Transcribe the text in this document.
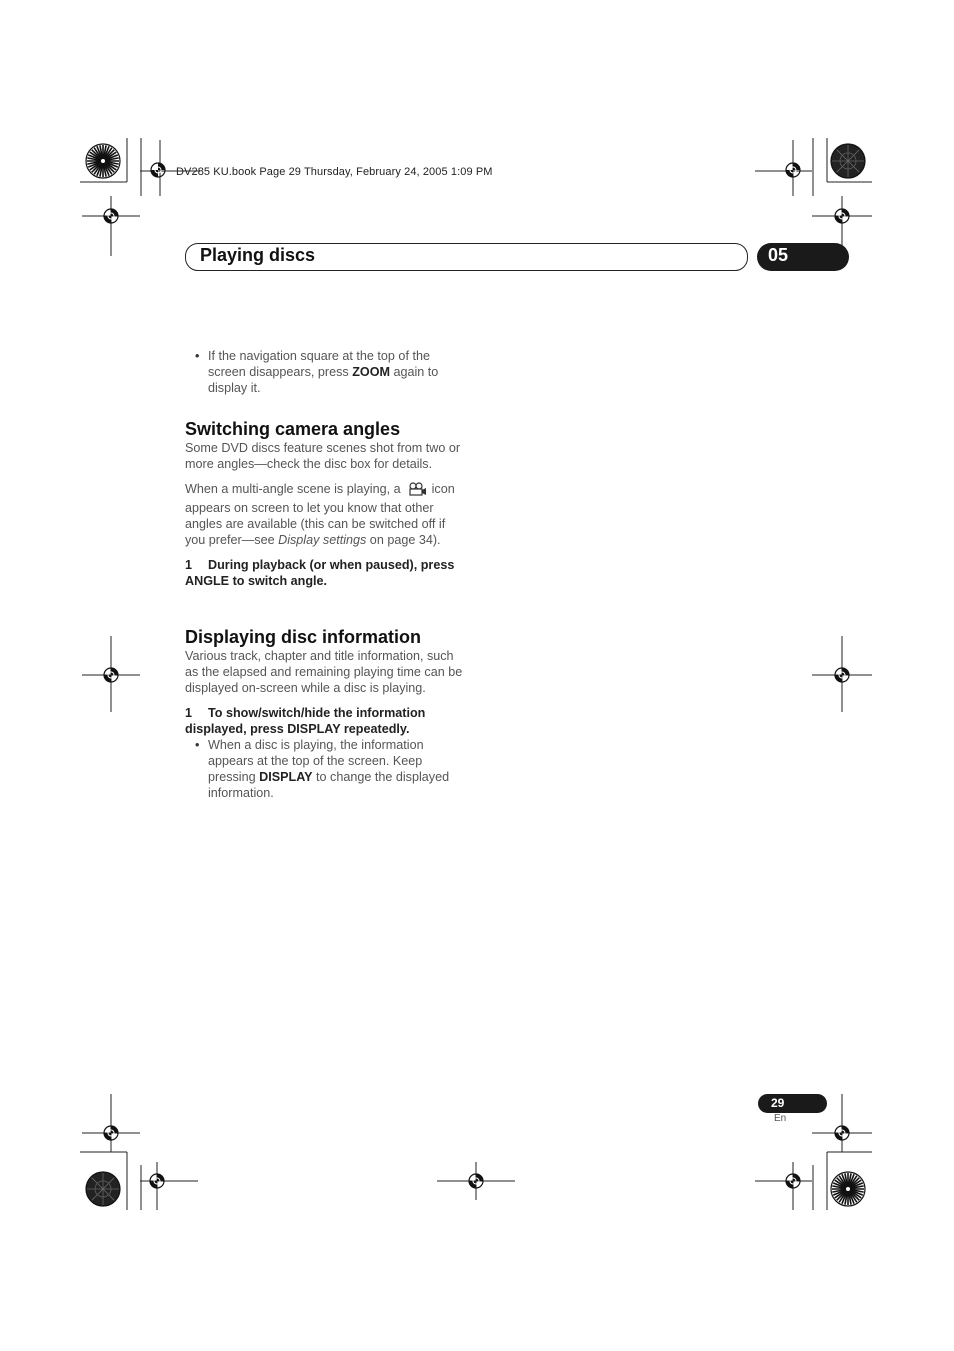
DV285 KU.book Page 29 Thursday, February 24, 2005 1:09 PM
Playing discs	05

• If the navigation square at the top of the screen disappears, press ZOOM again to display it.

Switching camera angles

Some DVD discs feature scenes shot from two or more angles—check the disc box for details.

When a multi-angle scene is playing, a  icon appears on screen to let you know that other angles are available (this can be switched off if you prefer—see Display settings on page 34).

1 During playback (or when paused), press ANGLE to switch angle.

Displaying disc information

Various track, chapter and title information, such as the elapsed and remaining playing time can be displayed on-screen while a disc is playing.

1 To show/switch/hide the information displayed, press DISPLAY repeatedly.

• When a disc is playing, the information appears at the top of the screen. Keep pressing DISPLAY to change the displayed information.

29
En
